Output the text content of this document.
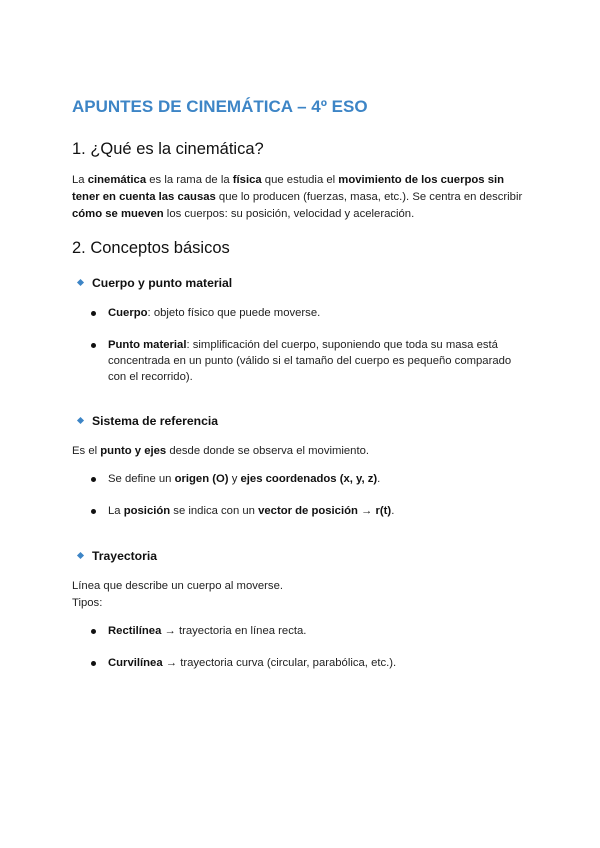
APUNTES DE CINEMÁTICA – 4º ESO
1. ¿Qué es la cinemática?

La cinemática es la rama de la física que estudia el movimiento de los cuerpos sin tener en cuenta las causas que lo producen (fuerzas, masa, etc.). Se centra en describir cómo se mueven los cuerpos: su posición, velocidad y aceleración.

2. Conceptos básicos
Cuerpo y punto material

Cuerpo: objeto físico que puede moverse.

Punto material: simplificación del cuerpo, suponiendo que toda su masa está concentrada en un punto (válido si el tamaño del cuerpo es pequeño comparado con el recorrido).

Sistema de referencia

Es el punto y ejes desde donde se observa el movimiento.

Se define un origen (O) y ejes coordenados (x, y, z).

La posición se indica con un vector de posición → r(t).

Trayectoria

Línea que describe un cuerpo al moverse.
Tipos:

Rectilínea → trayectoria en línea recta.

Curvilínea → trayectoria curva (circular, parabólica, etc.).
